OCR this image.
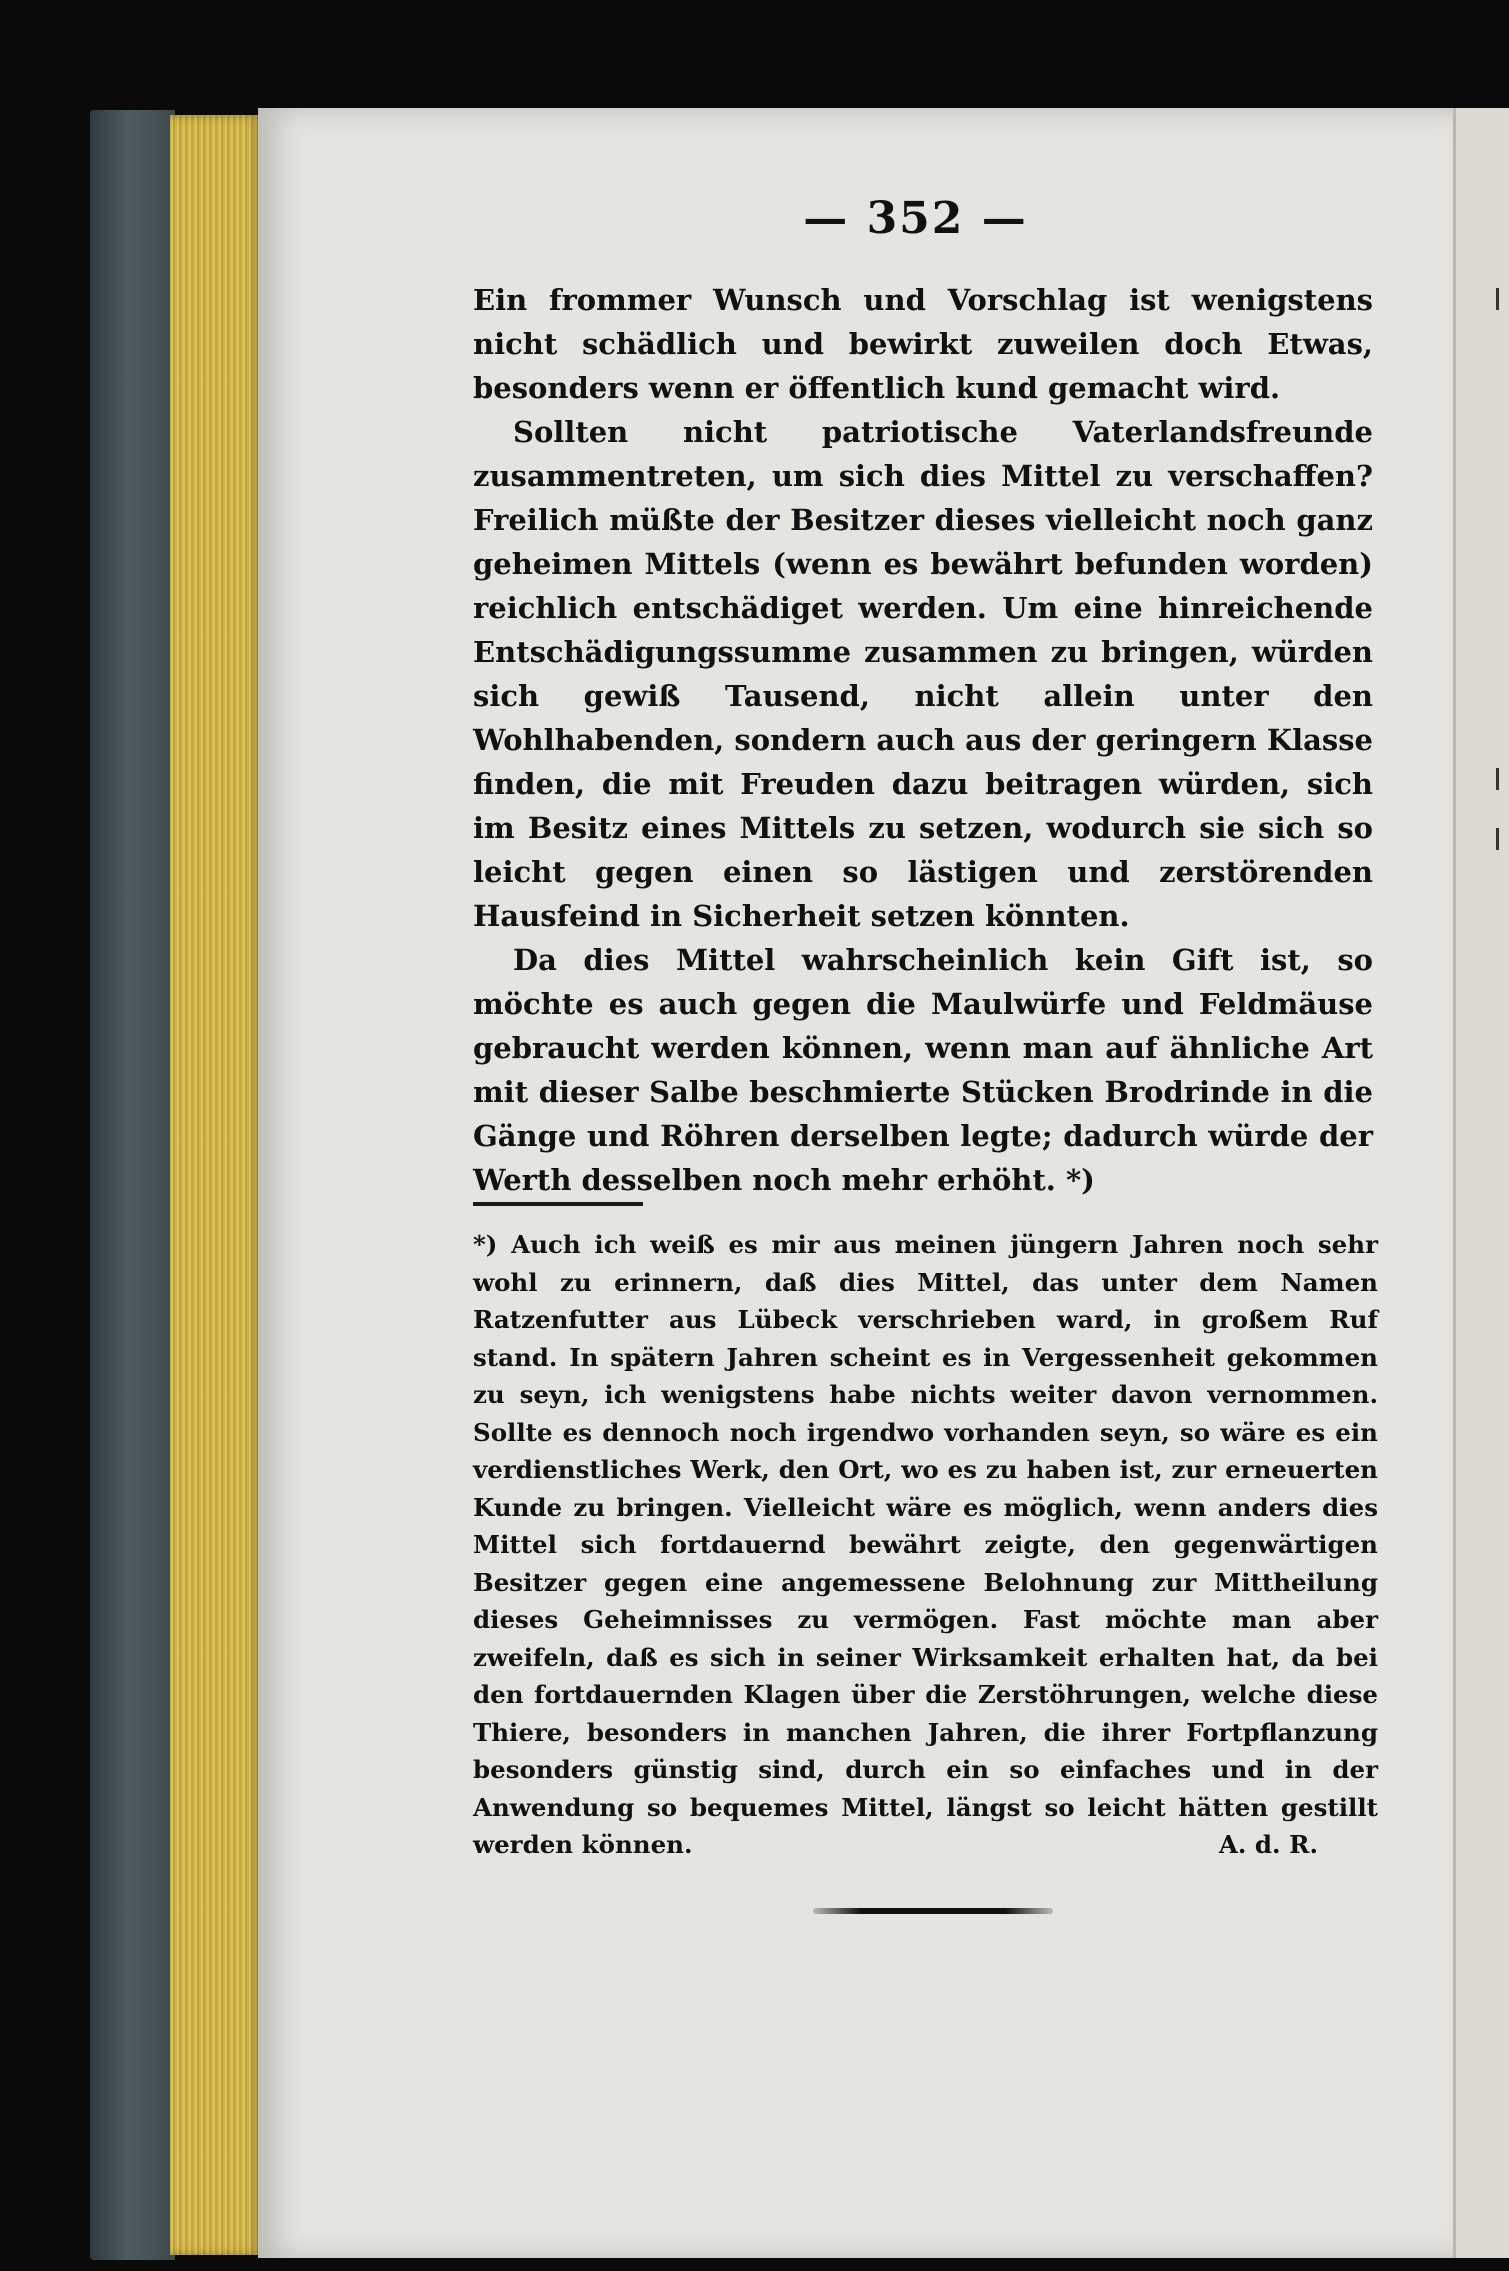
— 352 —

Ein frommer Wunsch und Vorschlag ist wenigstens nicht schädlich und bewirkt zuweilen doch Etwas, besonders wenn er öffentlich kund gemacht wird.

Sollten nicht patriotische Vaterlandsfreunde zusammentreten, um sich dies Mittel zu verschaffen? Freilich müßte der Besitzer dieses vielleicht noch ganz geheimen Mittels (wenn es bewährt befunden worden) reichlich entschädiget werden. Um eine hinreichende Entschädigungssumme zusammen zu bringen, würden sich gewiß Tausend, nicht allein unter den Wohlhabenden, sondern auch aus der geringern Klasse finden, die mit Freuden dazu beitragen würden, sich im Besitz eines Mittels zu setzen, wodurch sie sich so leicht gegen einen so lästigen und zerstörenden Hausfeind in Sicherheit setzen könnten.

Da dies Mittel wahrscheinlich kein Gift ist, so möchte es auch gegen die Maulwürfe und Feldmäuse gebraucht werden können, wenn man auf ähnliche Art mit dieser Salbe beschmierte Stücken Brodrinde in die Gänge und Röhren derselben legte; dadurch würde der Werth desselben noch mehr erhöht. *)

*) Auch ich weiß es mir aus meinen jüngern Jahren noch sehr wohl zu erinnern, daß dies Mittel, das unter dem Namen Ratzenfutter aus Lübeck verschrieben ward, in großem Ruf stand. In spätern Jahren scheint es in Vergessenheit gekommen zu seyn, ich wenigstens habe nichts weiter davon vernommen. Sollte es dennoch noch irgendwo vorhanden seyn, so wäre es ein verdienstliches Werk, den Ort, wo es zu haben ist, zur erneuerten Kunde zu bringen. Vielleicht wäre es möglich, wenn anders dies Mittel sich fortdauernd bewährt zeigte, den gegenwärtigen Besitzer gegen eine angemessene Belohnung zur Mittheilung dieses Geheimnisses zu vermögen. Fast möchte man aber zweifeln, daß es sich in seiner Wirksamkeit erhalten hat, da bei den fortdauernden Klagen über die Zerstöhrungen, welche diese Thiere, besonders in manchen Jahren, die ihrer Fortpflanzung besonders günstig sind, durch ein so einfaches und in der Anwendung so bequemes Mittel, längst so leicht hätten gestillt werden können.	A. d. R.
